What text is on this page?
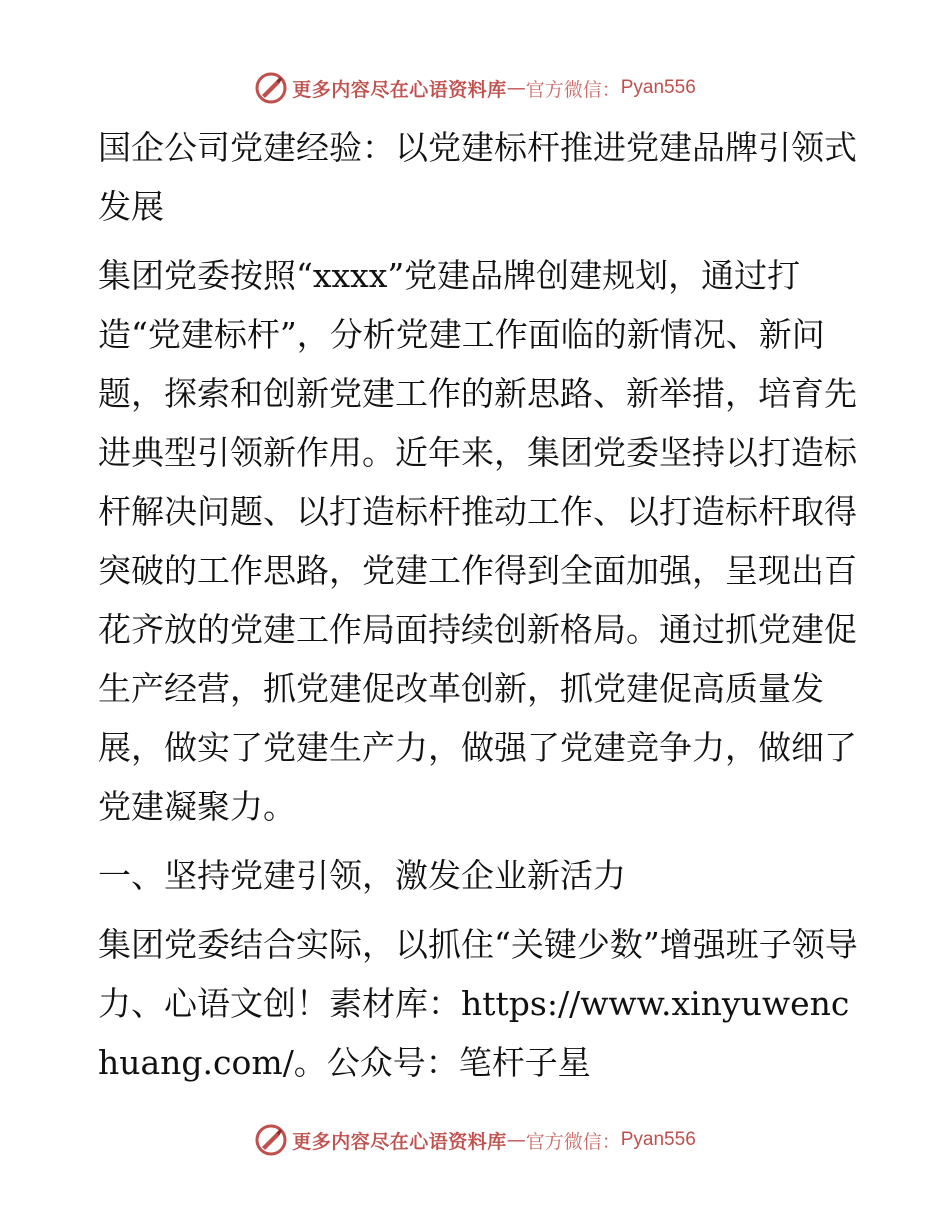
更多内容尽在心语资料库 — 官方微信： Pyan556

国企公司党建经验：以党建标杆推进党建品牌引领式发展

集团党委按照“xxxx”党建品牌创建规划，通过打造“党建标杆”，分析党建工作面临的新情况、新问题，探索和创新党建工作的新思路、新举措，培育先进典型引领新作用。近年来，集团党委坚持以打造标杆解决问题、以打造标杆推动工作、以打造标杆取得突破的工作思路，党建工作得到全面加强，呈现出百花齐放的党建工作局面持续创新格局。通过抓党建促生产经营，抓党建促改革创新，抓党建促高质量发展，做实了党建生产力，做强了党建竞争力，做细了党建凝聚力。

一、坚持党建引领，激发企业新活力

集团党委结合实际，以抓住“关键少数”增强班子领导力、心语文创！素材库：https://www.xinyuwenchuang.com/。公众号：笔杆子星

更多内容尽在心语资料库 — 官方微信： Pyan556
